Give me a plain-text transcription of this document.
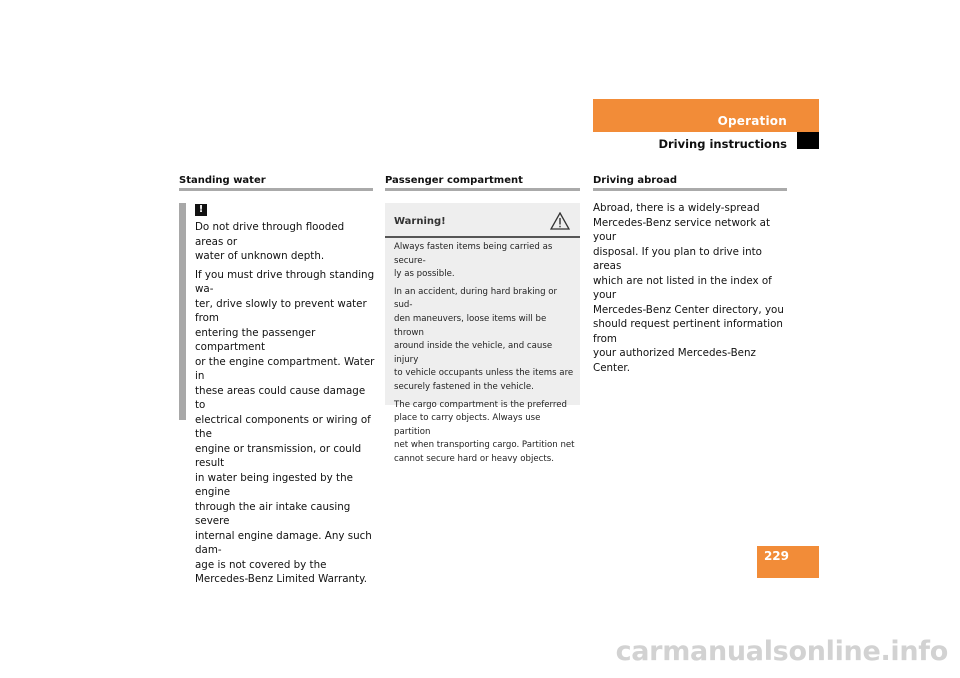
Operation
Driving instructions
Standing water
!

Do not drive through flooded areas or
water of unknown depth.

If you must drive through standing wa-
ter, drive slowly to prevent water from
entering the passenger compartment
or the engine compartment. Water in
these areas could cause damage to
electrical components or wiring of the
engine or transmission, or could result
in water being ingested by the engine
through the air intake causing severe
internal engine damage. Any such dam-
age is not covered by the
Mercedes-Benz Limited Warranty.

Passenger compartment
Warning!

Always fasten items being carried as secure-
ly as possible.

In an accident, during hard braking or sud-
den maneuvers, loose items will be thrown
around inside the vehicle, and cause injury
to vehicle occupants unless the items are
securely fastened in the vehicle.

The cargo compartment is the preferred
place to carry objects. Always use partition
net when transporting cargo. Partition net
cannot secure hard or heavy objects.

Driving abroad

Abroad, there is a widely-spread
Mercedes-Benz service network at your
disposal. If you plan to drive into areas
which are not listed in the index of your
Mercedes-Benz Center directory, you
should request pertinent information from
your authorized Mercedes-Benz Center.

229
carmanualsonline.info
